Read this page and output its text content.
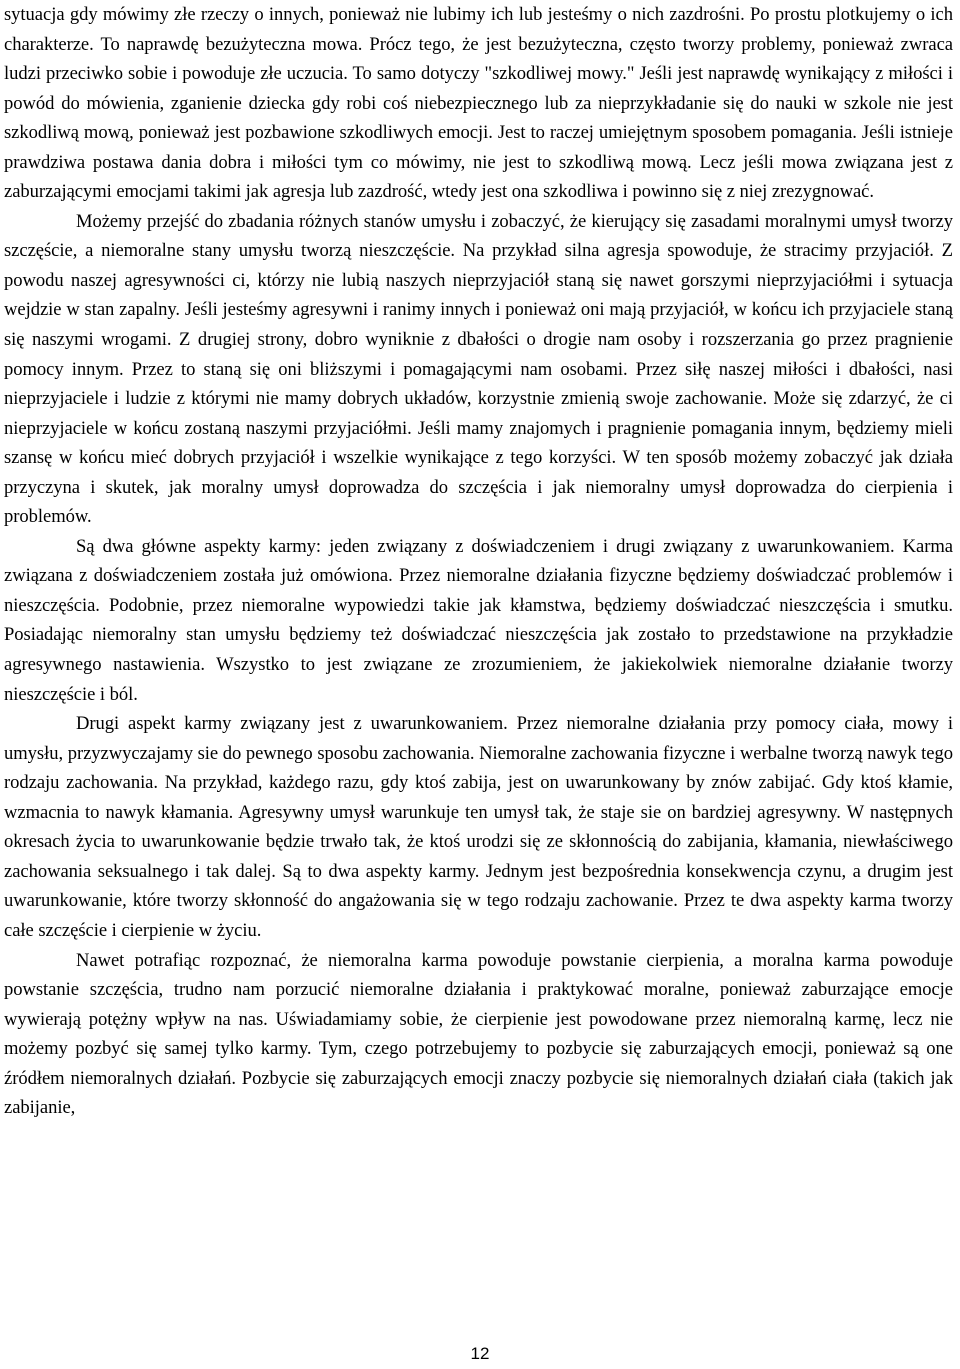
sytuacja gdy mówimy złe rzeczy o innych, ponieważ nie lubimy ich lub jesteśmy o nich zazdrośni. Po prostu plotkujemy o ich charakterze. To naprawdę bezużyteczna mowa. Prócz tego, że jest bezużyteczna, często tworzy problemy, ponieważ zwraca ludzi przeciwko sobie i powoduje złe uczucia. To samo dotyczy "szkodliwej mowy." Jeśli jest naprawdę wynikający z miłości i powód do mówienia, zganienie dziecka gdy robi coś niebezpiecznego lub za nieprzykładanie się do nauki w szkole nie jest szkodliwą mową, ponieważ jest pozbawione szkodliwych emocji. Jest to raczej umiejętnym sposobem pomagania. Jeśli istnieje prawdziwa postawa dania dobra i miłości tym co mówimy, nie jest to szkodliwą mową. Lecz jeśli mowa związana jest z zaburzającymi emocjami takimi jak agresja lub zazdrość, wtedy jest ona szkodliwa i powinno się z niej zrezygnować.

Możemy przejść do zbadania różnych stanów umysłu i zobaczyć, że kierujący się zasadami moralnymi umysł tworzy szczęście, a niemoralne stany umysłu tworzą nieszczęście. Na przykład silna agresja spowoduje, że stracimy przyjaciół. Z powodu naszej agresywności ci, którzy nie lubią naszych nieprzyjaciół staną się nawet gorszymi nieprzyjaciółmi i sytuacja wejdzie w stan zapalny. Jeśli jesteśmy agresywni i ranimy innych i ponieważ oni mają przyjaciół, w końcu ich przyjaciele staną się naszymi wrogami. Z drugiej strony, dobro wyniknie z dbałości o drogie nam osoby i rozszerzania go przez pragnienie pomocy innym. Przez to staną się oni bliższymi i pomagającymi nam osobami. Przez siłę naszej miłości i dbałości, nasi nieprzyjaciele i ludzie z którymi nie mamy dobrych układów, korzystnie zmienią swoje zachowanie. Może się zdarzyć, że ci nieprzyjaciele w końcu zostaną naszymi przyjaciółmi. Jeśli mamy znajomych i pragnienie pomagania innym, będziemy mieli szansę w końcu mieć dobrych przyjaciół i wszelkie wynikające z tego korzyści. W ten sposób możemy zobaczyć jak działa przyczyna i skutek, jak moralny umysł doprowadza do szczęścia i jak niemoralny umysł doprowadza do cierpienia i problemów.

Są dwa główne aspekty karmy: jeden związany z doświadczeniem i drugi związany z uwarunkowaniem. Karma związana z doświadczeniem została już omówiona. Przez niemoralne działania fizyczne będziemy doświadczać problemów i nieszczęścia. Podobnie, przez niemoralne wypowiedzi takie jak kłamstwa, będziemy doświadczać nieszczęścia i smutku. Posiadając niemoralny stan umysłu będziemy też doświadczać nieszczęścia jak zostało to przedstawione na przykładzie agresywnego nastawienia. Wszystko to jest związane ze zrozumieniem, że jakiekolwiek niemoralne działanie tworzy nieszczęście i ból.

Drugi aspekt karmy związany jest z uwarunkowaniem. Przez niemoralne działania przy pomocy ciała, mowy i umysłu, przyzwyczajamy sie do pewnego sposobu zachowania. Niemoralne zachowania fizyczne i werbalne tworzą nawyk tego rodzaju zachowania. Na przykład, każdego razu, gdy ktoś zabija, jest on uwarunkowany by znów zabijać. Gdy ktoś kłamie, wzmacnia to nawyk kłamania. Agresywny umysł warunkuje ten umysł tak, że staje sie on bardziej agresywny. W następnych okresach życia to uwarunkowanie będzie trwało tak, że ktoś urodzi się ze skłonnością do zabijania, kłamania, niewłaściwego zachowania seksualnego i tak dalej. Są to dwa aspekty karmy. Jednym jest bezpośrednia konsekwencja czynu, a drugim jest uwarunkowanie, które tworzy skłonność do angażowania się w tego rodzaju zachowanie. Przez te dwa aspekty karma tworzy całe szczęście i cierpienie w życiu.

Nawet potrafiąc rozpoznać, że niemoralna karma powoduje powstanie cierpienia, a moralna karma powoduje powstanie szczęścia, trudno nam porzucić niemoralne działania i praktykować moralne, ponieważ zaburzające emocje wywierają potężny wpływ na nas. Uświadamiamy sobie, że cierpienie jest powodowane przez niemoralną karmę, lecz nie możemy pozbyć się samej tylko karmy. Tym, czego potrzebujemy to pozbycie się zaburzających emocji, ponieważ są one źródłem niemoralnych działań. Pozbycie się zaburzających emocji znaczy pozbycie się niemoralnych działań ciała (takich jak zabijanie,

12
